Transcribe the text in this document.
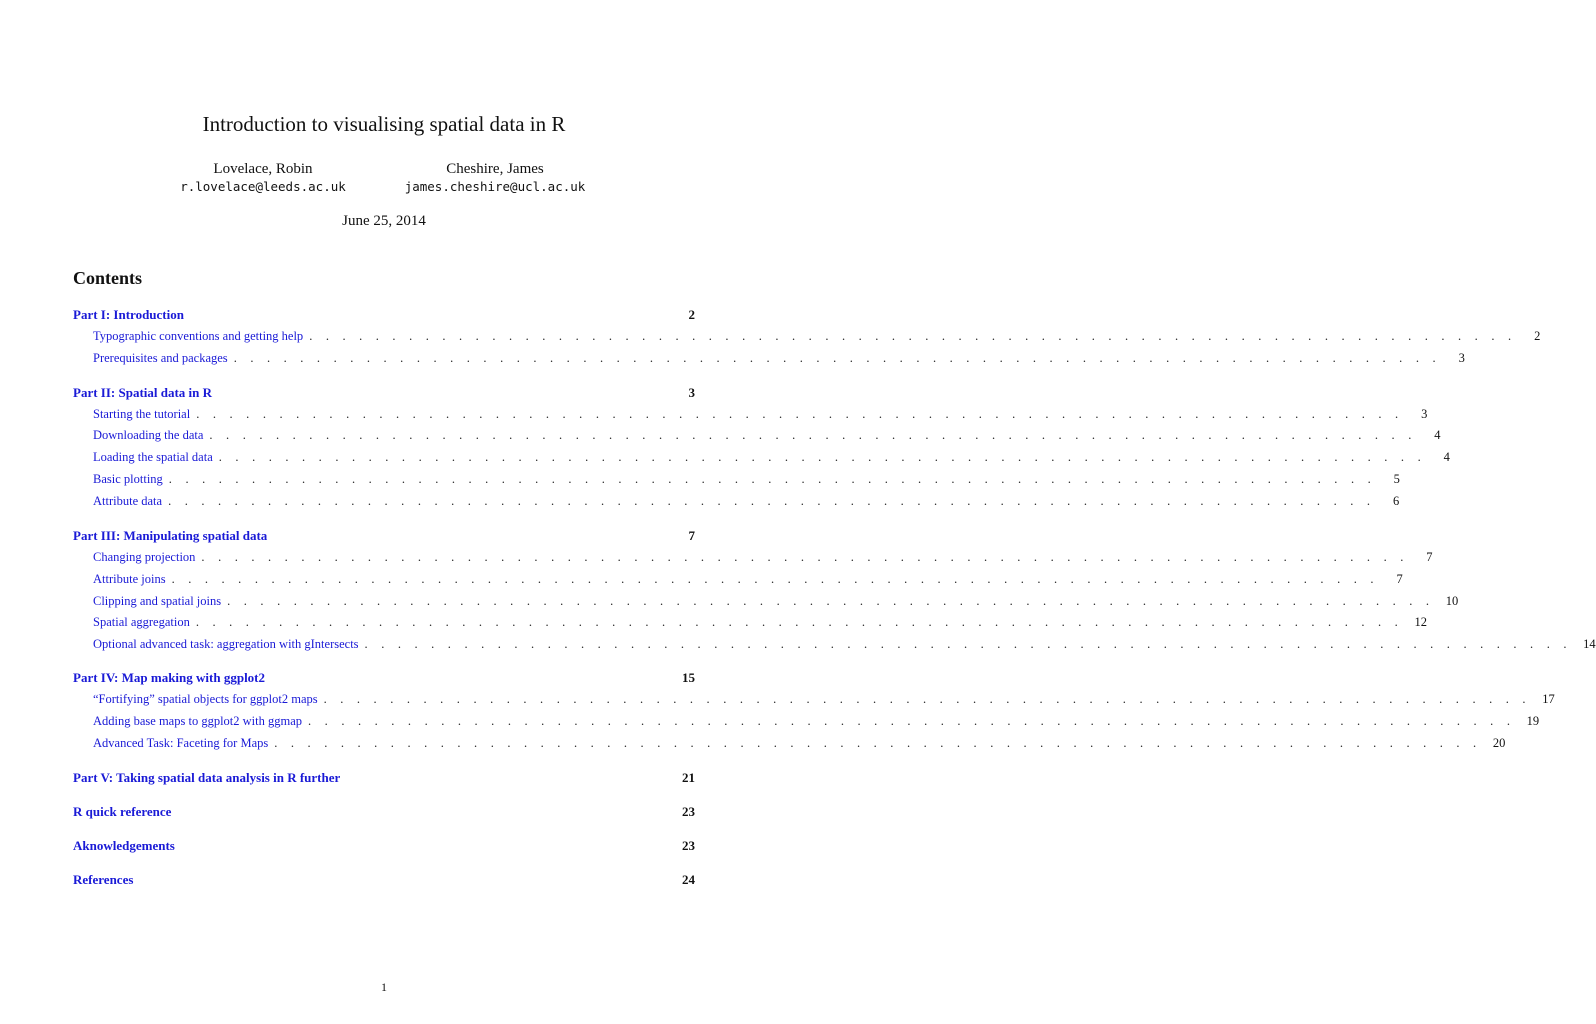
Introduction to visualising spatial data in R
Lovelace, Robin
r.lovelace@leeds.ac.uk
Cheshire, James
james.cheshire@ucl.ac.uk
June 25, 2014
Contents
Part I: Introduction	2
Typographic conventions and getting help . . . . . . . . . . . . . . . . . . . . . . . . . . . . . . . . . . . . . . . . . . . . . . . . . . . . . . . . . . . . . . . . . . . . . . . . .	2
Prerequisites and packages . . . . . . . . . . . . . . . . . . . . . . . . . . . . . . . . . . . . . . . . . . . . . . . . . . . . . . . . . . . . . . . . . . . . . . . . .	3
Part II: Spatial data in R	3
Starting the tutorial . . . . . . . . . . . . . . . . . . . . . . . . . . . . . . . . . . . . . . . . . . . . . . . . . . . . . . . . . . . . . . . . . . . . . . . . .	3
Downloading the data . . . . . . . . . . . . . . . . . . . . . . . . . . . . . . . . . . . . . . . . . . . . . . . . . . . . . . . . . . . . . . . . . . . . . . . . .	4
Loading the spatial data . . . . . . . . . . . . . . . . . . . . . . . . . . . . . . . . . . . . . . . . . . . . . . . . . . . . . . . . . . . . . . . . . . . . . . . . .	4
Basic plotting . . . . . . . . . . . . . . . . . . . . . . . . . . . . . . . . . . . . . . . . . . . . . . . . . . . . . . . . . . . . . . . . . . . . . . . . .	5
Attribute data . . . . . . . . . . . . . . . . . . . . . . . . . . . . . . . . . . . . . . . . . . . . . . . . . . . . . . . . . . . . . . . . . . . . . . . . .	6
Part III: Manipulating spatial data	7
Changing projection . . . . . . . . . . . . . . . . . . . . . . . . . . . . . . . . . . . . . . . . . . . . . . . . . . . . . . . . . . . . . . . . . . . . . . . . .	7
Attribute joins . . . . . . . . . . . . . . . . . . . . . . . . . . . . . . . . . . . . . . . . . . . . . . . . . . . . . . . . . . . . . . . . . . . . . . . . .	7
Clipping and spatial joins . . . . . . . . . . . . . . . . . . . . . . . . . . . . . . . . . . . . . . . . . . . . . . . . . . . . . . . . . . . . . . . . . . . . . . . . . 10
Spatial aggregation . . . . . . . . . . . . . . . . . . . . . . . . . . . . . . . . . . . . . . . . . . . . . . . . . . . . . . . . . . . . . . . . . . . . . . . . . 12
Optional advanced task: aggregation with gIntersects . . . . . . . . . . . . . . . . . . . . . . . . . . . . . . . . . . . . . . . . . . . . . . . . . . . . . . . . . . . . . . . . . . . . . . . . . 14
Part IV: Map making with ggplot2	15
“Fortifying” spatial objects for ggplot2 maps . . . . . . . . . . . . . . . . . . . . . . . . . . . . . . . . . . . . . . . . . . . . . . . . . . . . . . . . . . . . . . . . . . . . . . . . . 17
Adding base maps to ggplot2 with ggmap . . . . . . . . . . . . . . . . . . . . . . . . . . . . . . . . . . . . . . . . . . . . . . . . . . . . . . . . . . . . . . . . . . . . . . . . . 19
Advanced Task: Faceting for Maps . . . . . . . . . . . . . . . . . . . . . . . . . . . . . . . . . . . . . . . . . . . . . . . . . . . . . . . . . . . . . . . . . . . . . . . . . 20
Part V: Taking spatial data analysis in R further	21
R quick reference	23
Aknowledgements	23
References	24
1
